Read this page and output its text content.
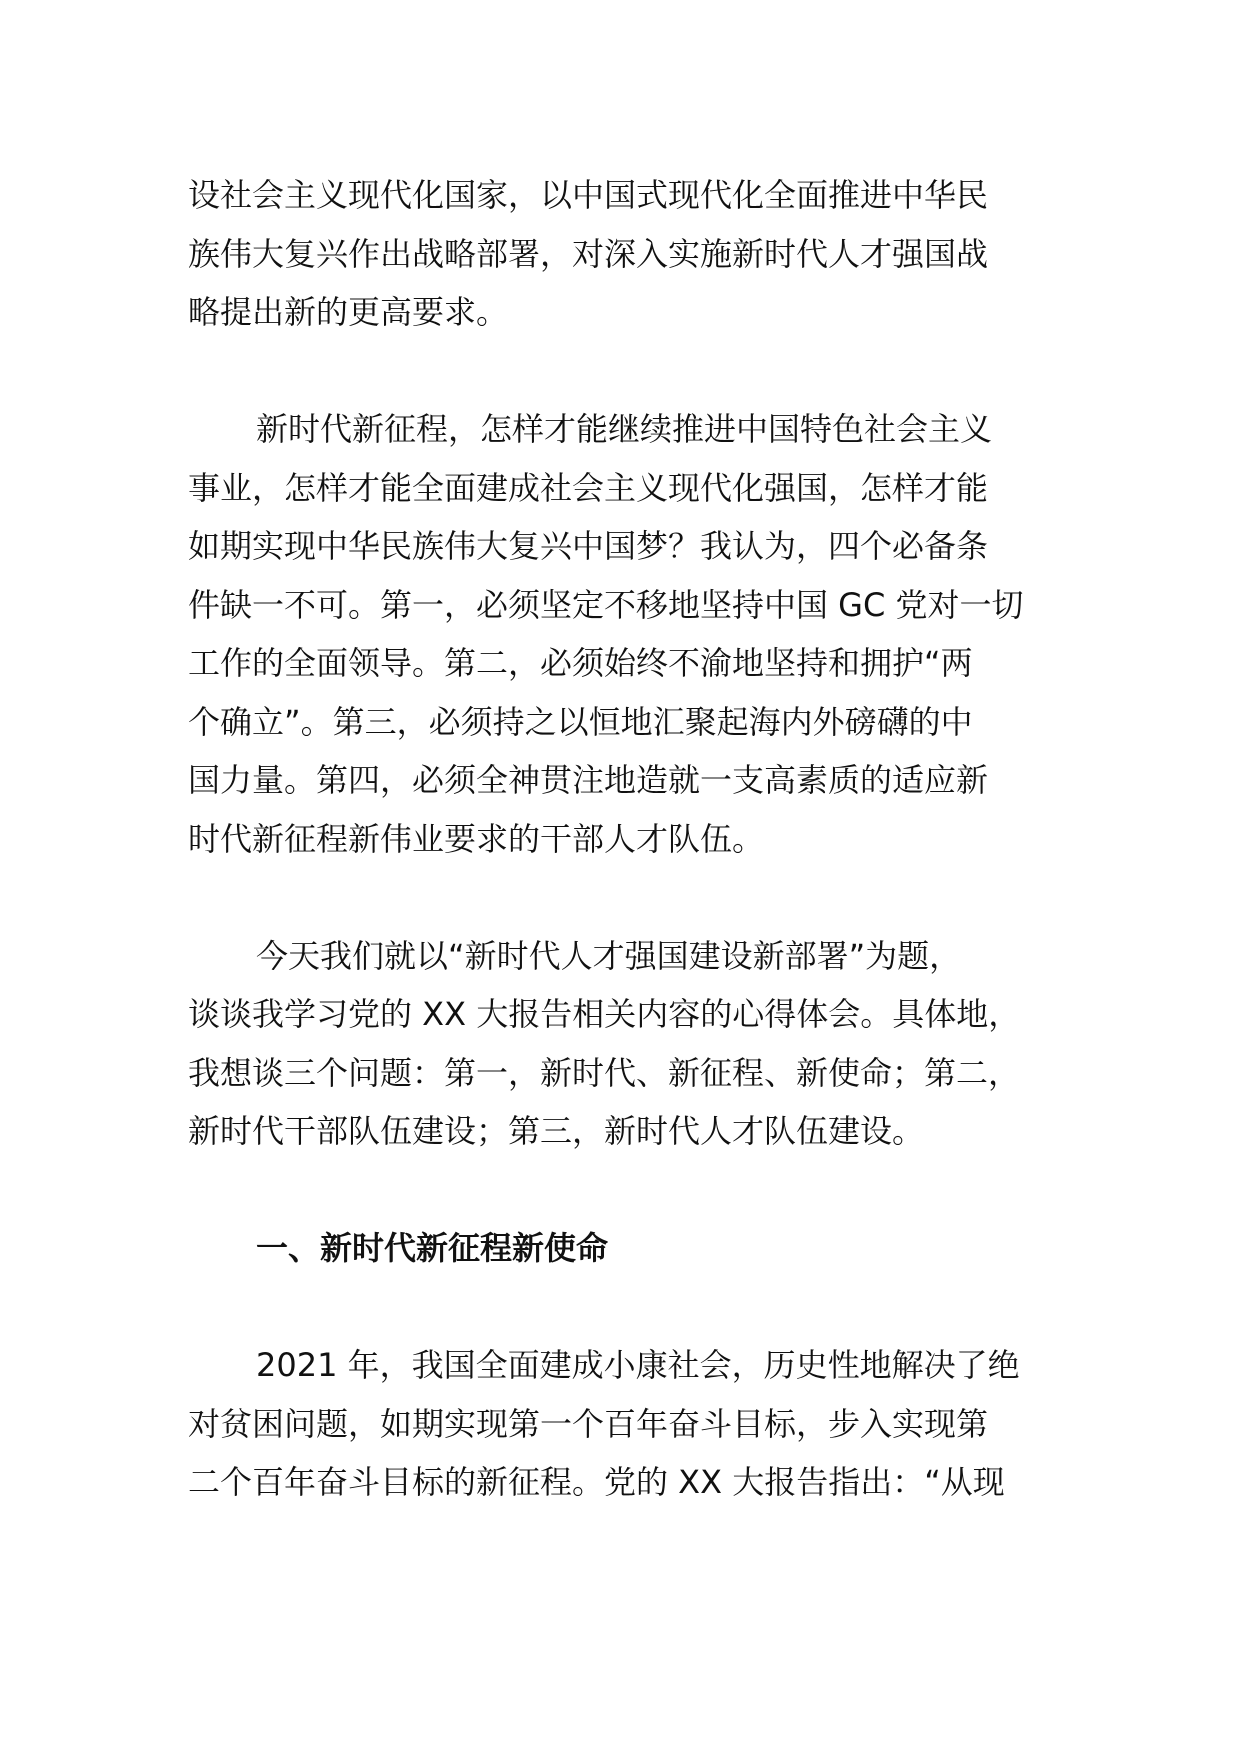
设社会主义现代化国家，以中国式现代化全面推进中华民
族伟大复兴作出战略部署，对深入实施新时代人才强国战
略提出新的更高要求。
新时代新征程，怎样才能继续推进中国特色社会主义
事业，怎样才能全面建成社会主义现代化强国，怎样才能
如期实现中华民族伟大复兴中国梦？我认为，四个必备条
件缺一不可。第一，必须坚定不移地坚持中国 GC 党对一切
工作的全面领导。第二，必须始终不渝地坚持和拥护“两
个确立”。第三，必须持之以恒地汇聚起海内外磅礴的中
国力量。第四，必须全神贯注地造就一支高素质的适应新
时代新征程新伟业要求的干部人才队伍。
今天我们就以“新时代人才强国建设新部署”为题，
谈谈我学习党的 XX 大报告相关内容的心得体会。具体地，
我想谈三个问题：第一，新时代、新征程、新使命；第二，
新时代干部队伍建设；第三，新时代人才队伍建设。
一、新时代新征程新使命
2021 年，我国全面建成小康社会，历史性地解决了绝
对贫困问题，如期实现第一个百年奋斗目标，步入实现第
二个百年奋斗目标的新征程。党的 XX 大报告指出：“从现
